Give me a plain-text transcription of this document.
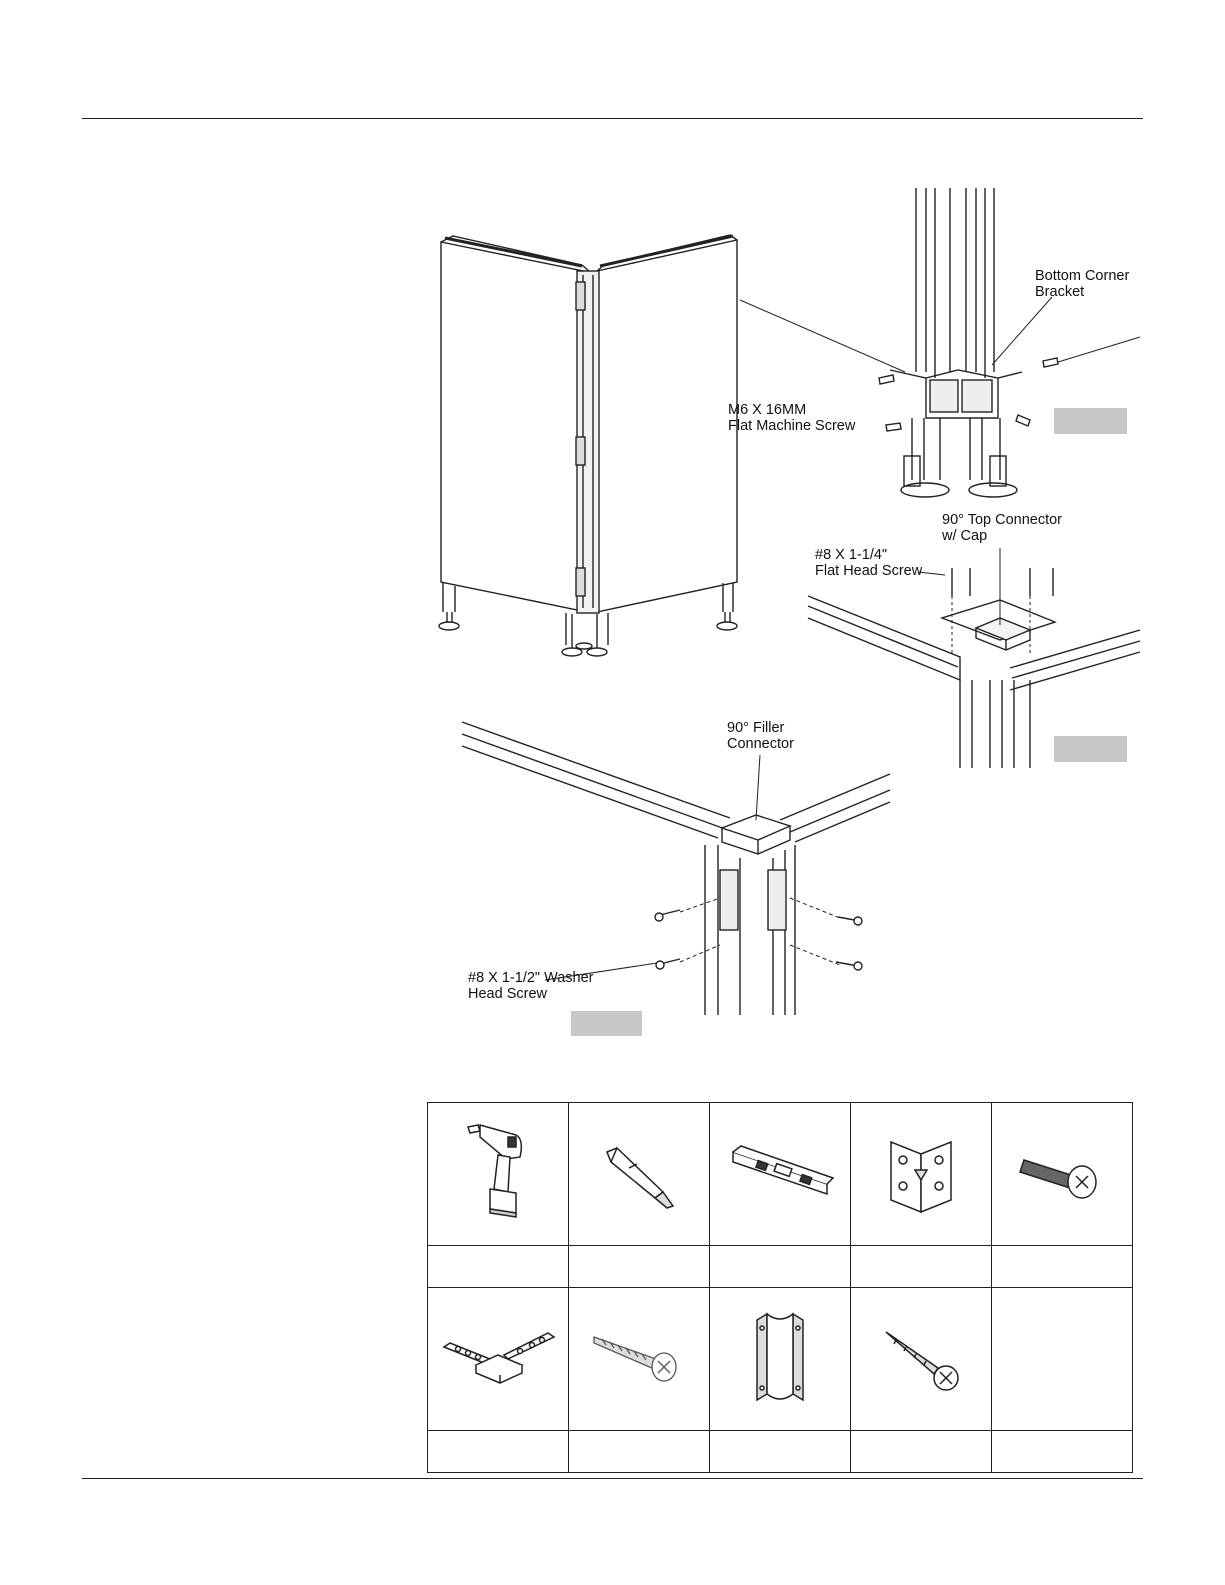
Bottom Corner
Bracket
M6 X 16MM
Flat Machine Screw
90° Top Connector
w/ Cap
#8 X 1-1/4"
Flat Head Screw
90° Filler
Connector
#8 X 1-1/2" Washer
Head Screw
